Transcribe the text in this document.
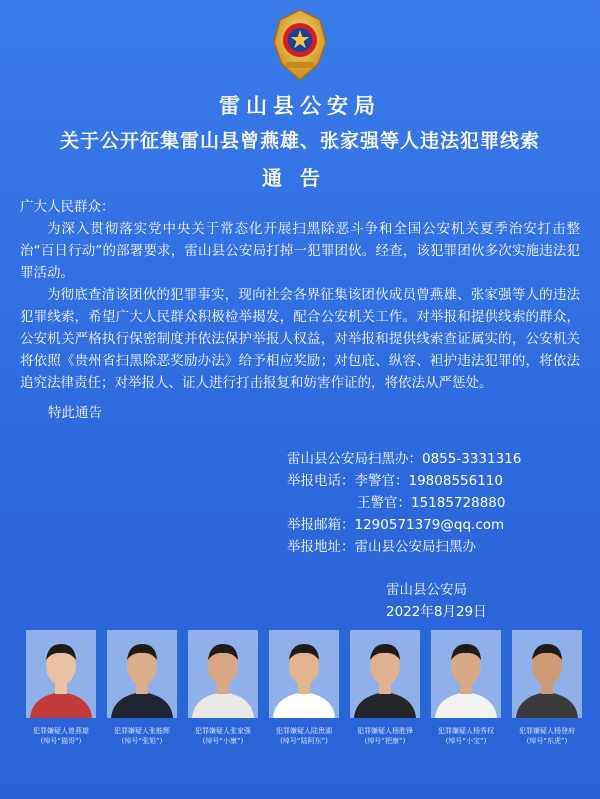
雷山县公安局
关于公开征集雷山县曾燕雄、张家强等人违法犯罪线索
通告
广大人民群众：
为深入贯彻落实党中央关于常态化开展扫黑除恶斗争和全国公安机关夏季治安打击整治“百日行动”的部署要求，雷山县公安局打掉一犯罪团伙。经查，该犯罪团伙多次实施违法犯罪活动。
为彻底查清该团伙的犯罪事实，现向社会各界征集该团伙成员曾燕雄、张家强等人的违法犯罪线索，希望广大人民群众积极检举揭发，配合公安机关工作。对举报和提供线索的群众，公安机关严格执行保密制度并依法保护举报人权益，对举报和提供线索查证属实的，公安机关将依照《贵州省扫黑除恶奖励办法》给予相应奖励；对包庇、纵容、袒护违法犯罪的，将依法追究法律责任；对举报人、证人进行打击报复和妨害作证的，将依法从严惩处。
特此通告
雷山县公安局扫黑办：0855-3331316
举报电话：李警官：19808556110
王警官：15185728880
举报邮箱：1290571379@qq.com
举报地址：雷山县公安局扫黑办
雷山县公安局
2022年8月29日
犯罪嫌疑人曾燕雄
(绰号“猫哥”)
犯罪嫌疑人张能辉
(绰号“张旭”)
犯罪嫌疑人张家强
(绰号“小康”)
犯罪嫌疑人陆贵湖
(绰号“陆阿东”)
犯罪嫌疑人杨胜锋
(绰号“把康”)
犯罪嫌疑人杨秀权
(绰号“小宝”)
犯罪嫌疑人杨登府
(绰号“东虎”)
